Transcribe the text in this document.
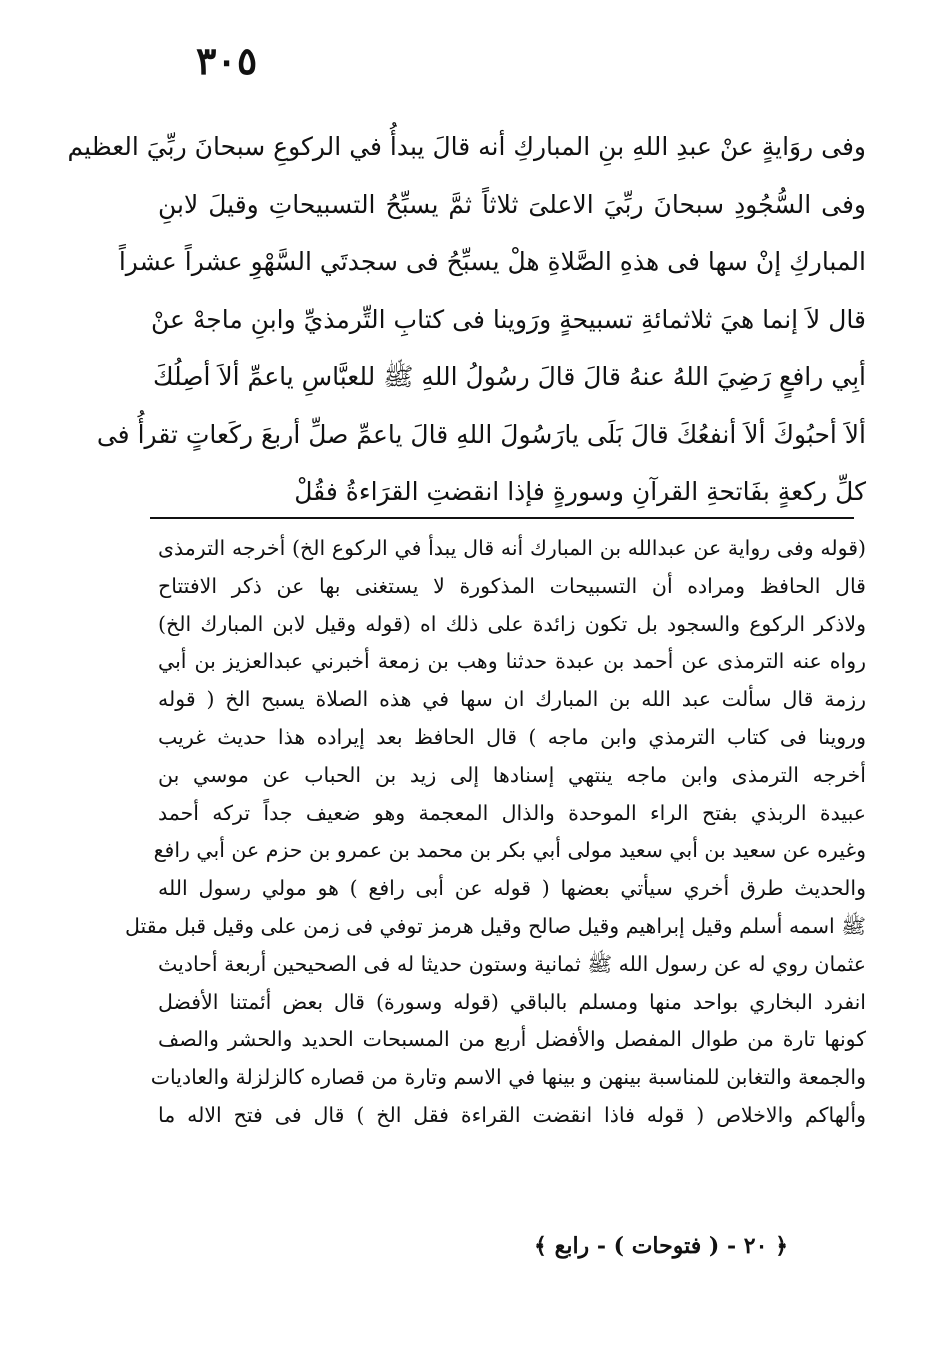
٣٠٥
وفى روَايةٍ عنْ عبدِ اللهِ بنِ المباركِ أنه قالَ يبدأُ في الركوعِ سبحانَ ربِّيَ العظيم
وفى السُّجُودِ سبحانَ ربِّيَ الاعلىَ ثلاثاً ثمَّ يسبِّحُ التسبيحاتِ وقيلَ لابنِ
المباركِ إنْ سها فى هذهِ الصَّلاةِ هلْ يسبِّحُ فى سجدتَي السَّهْوِ عشراً عشراً
قال لاَ إنما هيَ ثلاثمائةِ تسبيحةٍ ورَوينا فى كتابِ التِّرمذيِّ وابنِ ماجهْ عنْ
أبِي رافعٍ رَضِيَ اللهُ عنهُ قالَ قالَ رسُولُ اللهِ ﷺ للعبَّاسِ ياعمِّ ألاَ أصِلُكَ
ألاَ أحبُوكَ ألاَ أنفعُكَ قالَ بَلَى يارَسُولَ اللهِ قالَ ياعمِّ صلِّ أربعَ ركَعاتٍ تقرأُ فى
كلِّ ركعةٍ بفَاتحةِ القرآنِ وسورةٍ فإذا انقضتِ القرَاءةُ فقُلْ
(قوله وفى رواية عن عبدالله بن المبارك أنه قال يبدأ في الركوع الخ) أخرجه الترمذى
قال الحافظ ومراده أن التسبيحات المذكورة لا يستغنى بها عن ذكر الافتتاح
ولاذكر الركوع والسجود بل تكون زائدة على ذلك اه (قوله وقيل لابن المبارك الخ)
رواه عنه الترمذى عن أحمد بن عبدة حدثنا وهب بن زمعة أخبرني عبدالعزيز بن أبي
رزمة قال سألت عبد الله بن المبارك ان سها في هذه الصلاة يسبح الخ ( قوله
وروينا فى كتاب الترمذي وابن ماجه ) قال الحافظ بعد إيراده هذا حديث غريب
أخرجه الترمذى وابن ماجه ينتهي إسنادها إلى زيد بن الحباب عن موسي بن
عبيدة الربذي بفتح الراء الموحدة والذال المعجمة وهو ضعيف جداً تركه أحمد
وغيره عن سعيد بن أبي سعيد مولى أبي بكر بن محمد بن عمرو بن حزم عن أبي رافع
والحديث طرق أخري سيأتي بعضها ( قوله عن أبى رافع ) هو مولي رسول الله
ﷺ اسمه أسلم وقيل إبراهيم وقيل صالح وقيل هرمز توفي فى زمن على وقيل قبل مقتل
عثمان روي له عن رسول الله ﷺ ثمانية وستون حديثا له فى الصحيحين أربعة أحاديث
انفرد البخاري بواحد منها ومسلم بالباقي (قوله وسورة) قال بعض أئمتنا الأفضل
كونها تارة من طوال المفصل والأفضل أربع من المسبحات الحديد والحشر والصف
والجمعة والتغابن للمناسبة بينهن و بينها في الاسم وتارة من قصاره كالزلزلة والعاديات
وألهاكم والاخلاص ( قوله فاذا انقضت القراءة فقل الخ ) قال فى فتح الاله ما
﴿ ٢٠ - ( فتوحات ) - رابع ﴾
